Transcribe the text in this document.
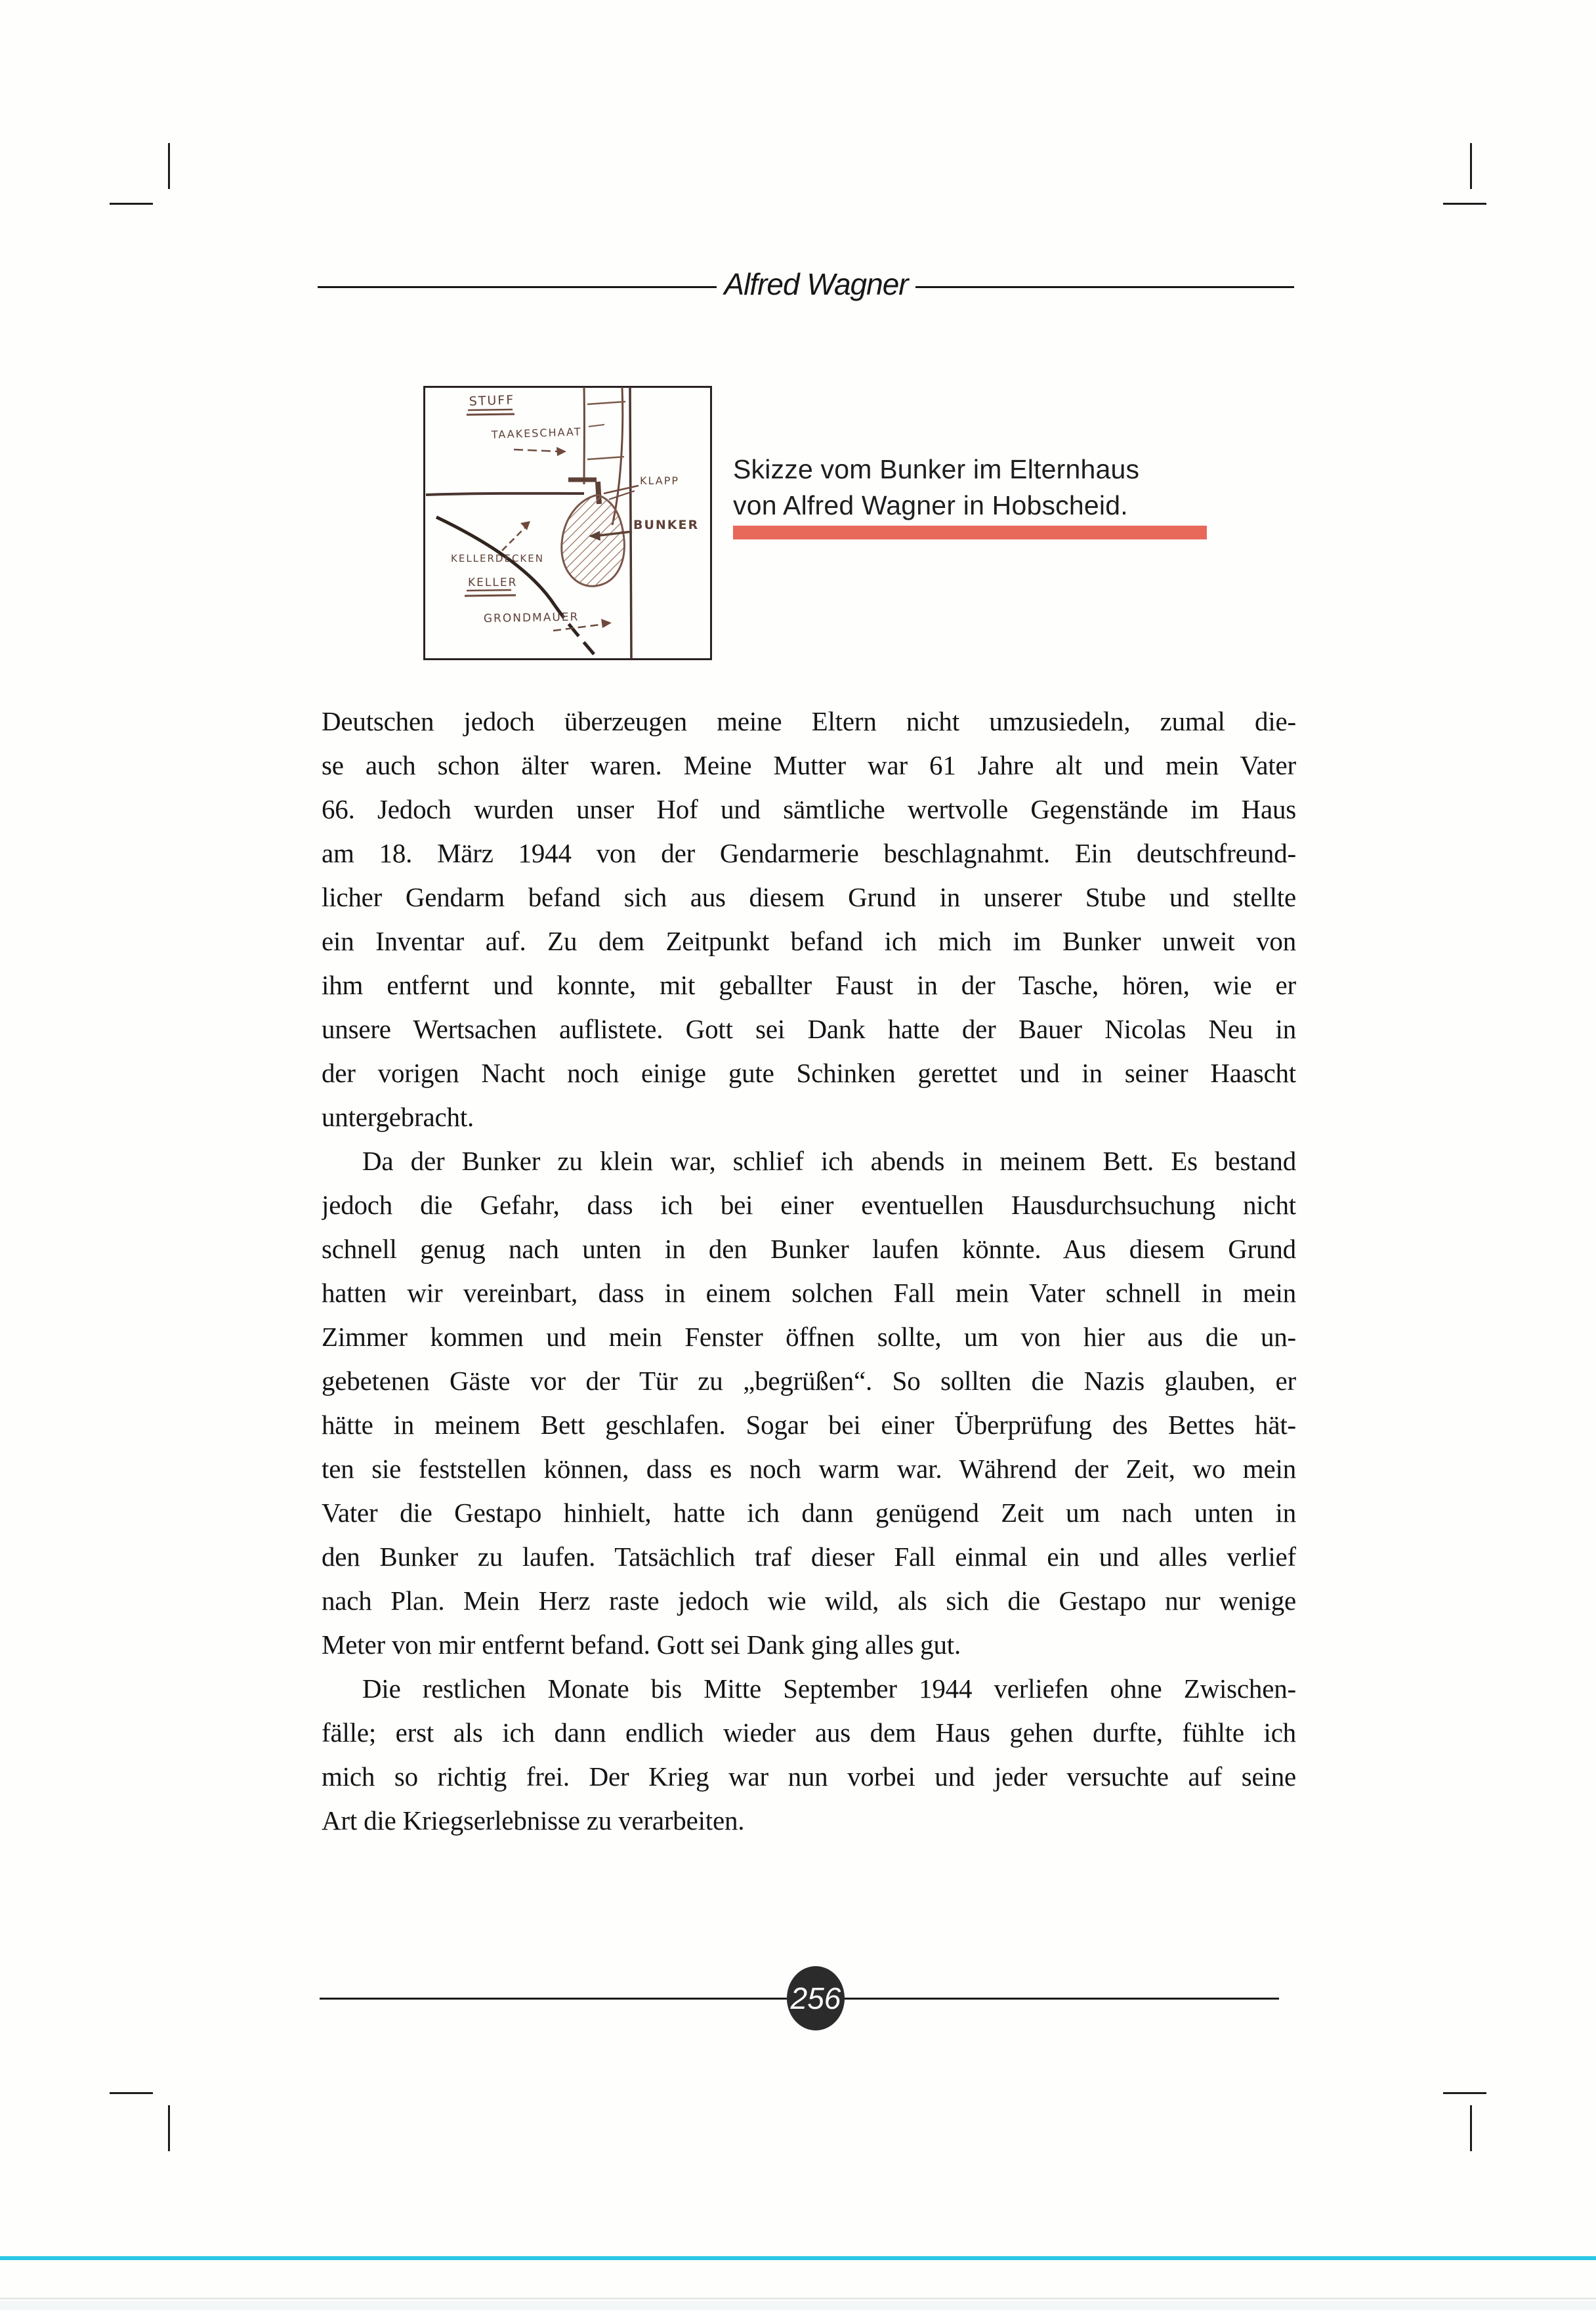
Alfred Wagner
STUFF
TAAKESCHAAT
KLAPP
BUNKER
KELLERDECKEN
KELLER
GRONDMAUER
Skizze vom Bunker im Elternhaus
von Alfred Wagner in Hobscheid.
Deutschen jedoch überzeugen meine Eltern nicht umzusiedeln, zumal die-
se auch schon älter waren. Meine Mutter war 61 Jahre alt und mein Vater
66. Jedoch wurden unser Hof und sämtliche wertvolle Gegenstände im Haus
am 18. März 1944 von der Gendarmerie beschlagnahmt. Ein deutschfreund-
licher Gendarm befand sich aus diesem Grund in unserer Stube und stellte
ein Inventar auf. Zu dem Zeitpunkt befand ich mich im Bunker unweit von
ihm entfernt und konnte, mit geballter Faust in der Tasche, hören, wie er
unsere Wertsachen auflistete. Gott sei Dank hatte der Bauer Nicolas Neu in
der vorigen Nacht noch einige gute Schinken gerettet und in seiner Haascht
untergebracht.
Da der Bunker zu klein war, schlief ich abends in meinem Bett. Es bestand
jedoch die Gefahr, dass ich bei einer eventuellen Hausdurchsuchung nicht
schnell genug nach unten in den Bunker laufen könnte. Aus diesem Grund
hatten wir vereinbart, dass in einem solchen Fall mein Vater schnell in mein
Zimmer kommen und mein Fenster öffnen sollte, um von hier aus die un-
gebetenen Gäste vor der Tür zu „begrüßen“. So sollten die Nazis glauben, er
hätte in meinem Bett geschlafen. Sogar bei einer Überprüfung des Bettes hät-
ten sie feststellen können, dass es noch warm war. Während der Zeit, wo mein
Vater die Gestapo hinhielt, hatte ich dann genügend Zeit um nach unten in
den Bunker zu laufen. Tatsächlich traf dieser Fall einmal ein und alles verlief
nach Plan. Mein Herz raste jedoch wie wild, als sich die Gestapo nur wenige
Meter von mir entfernt befand. Gott sei Dank ging alles gut.
Die restlichen Monate bis Mitte September 1944 verliefen ohne Zwischen-
fälle; erst als ich dann endlich wieder aus dem Haus gehen durfte, fühlte ich
mich so richtig frei. Der Krieg war nun vorbei und jeder versuchte auf seine
Art die Kriegserlebnisse zu verarbeiten.
256
